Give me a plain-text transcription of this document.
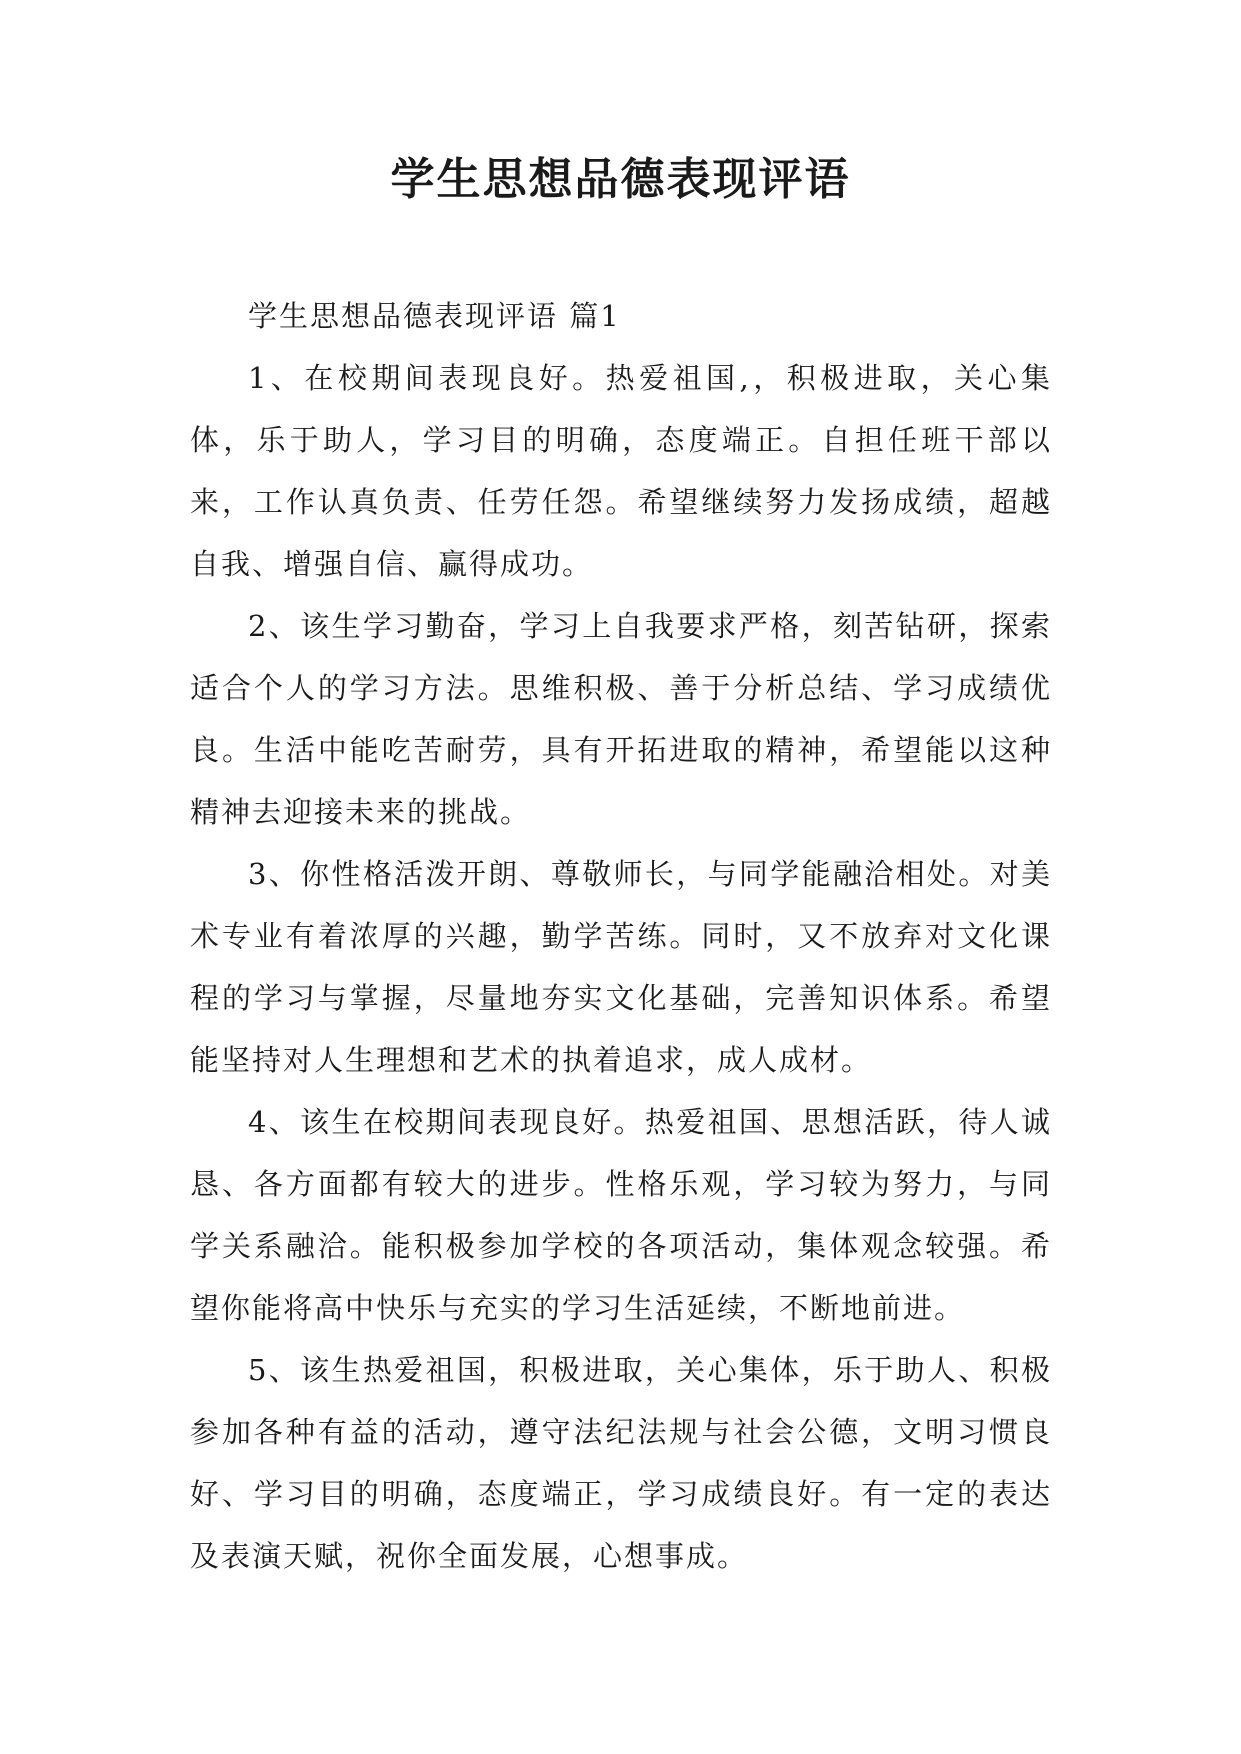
学生思想品德表现评语
学生思想品德表现评语 篇1

1、在校期间表现良好。热爱祖国,，积极进取，关心集体，乐于助人，学习目的明确，态度端正。自担任班干部以来，工作认真负责、任劳任怨。希望继续努力发扬成绩，超越自我、增强自信、赢得成功。

2、该生学习勤奋，学习上自我要求严格，刻苦钻研，探索适合个人的学习方法。思维积极、善于分析总结、学习成绩优良。生活中能吃苦耐劳，具有开拓进取的精神，希望能以这种精神去迎接未来的挑战。

3、你性格活泼开朗、尊敬师长，与同学能融洽相处。对美术专业有着浓厚的兴趣，勤学苦练。同时，又不放弃对文化课程的学习与掌握，尽量地夯实文化基础，完善知识体系。希望能坚持对人生理想和艺术的执着追求，成人成材。

4、该生在校期间表现良好。热爱祖国、思想活跃，待人诚恳、各方面都有较大的进步。性格乐观，学习较为努力，与同学关系融洽。能积极参加学校的各项活动，集体观念较强。希望你能将高中快乐与充实的学习生活延续，不断地前进。

5、该生热爱祖国，积极进取，关心集体，乐于助人、积极参加各种有益的活动，遵守法纪法规与社会公德，文明习惯良好、学习目的明确，态度端正，学习成绩良好。有一定的表达及表演天赋，祝你全面发展，心想事成。
